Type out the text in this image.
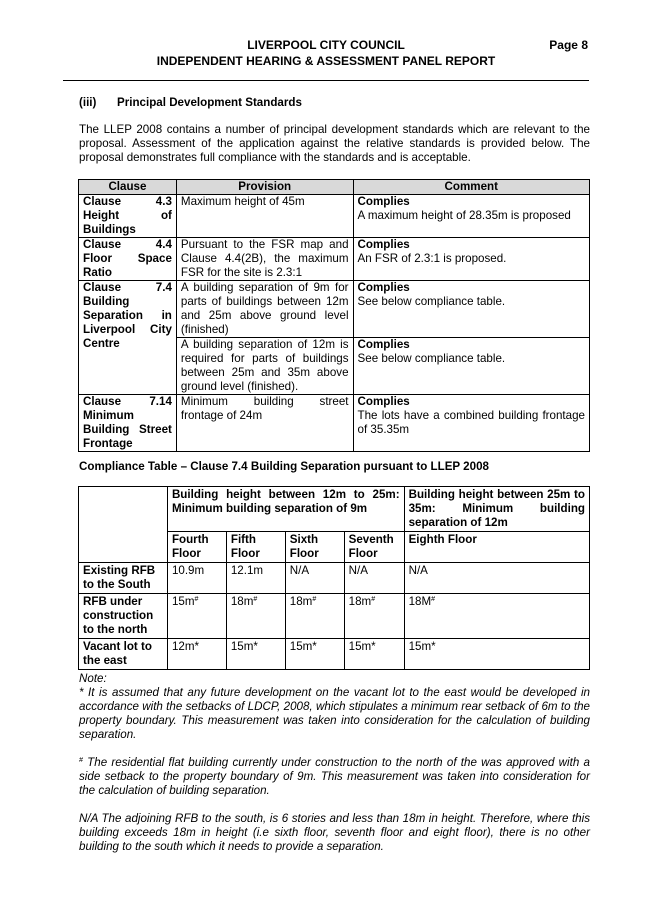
LIVERPOOL CITY COUNCIL
INDEPENDENT HEARING & ASSESSMENT PANEL REPORT
Page 8
(iii) Principal Development Standards
The LLEP 2008 contains a number of principal development standards which are relevant to the proposal. Assessment of the application against the relative standards is provided below. The proposal demonstrates full compliance with the standards and is acceptable.
Clause	Provision	Comment
Clause 4.3 Height of Buildings	Maximum height of 45m	Complies
A maximum height of 28.35m is proposed

Clause 4.4 Floor Space Ratio	Pursuant to the FSR map and Clause 4.4(2B), the maximum FSR for the site is 2.3:1	Complies
An FSR of 2.3:1 is proposed.

Clause 7.4 Building Separation in Liverpool City Centre	A building separation of 9m for parts of buildings between 12m and 25m above ground level (finished)	Complies
See below compliance table.

	A building separation of 12m is required for parts of buildings between 25m and 35m above ground level (finished).	Complies
See below compliance table.

Clause 7.14 Minimum Building Street Frontage	Minimum building street frontage of 24m	Complies
The lots have a combined building frontage of 35.35m
Compliance Table – Clause 7.4 Building Separation pursuant to LLEP 2008
	Building height between 12m to 25m: Minimum building separation of 9m				Building height between 25m to 35m: Minimum building separation of 12m
	Fourth Floor	Fifth Floor	Sixth Floor	Seventh Floor	Eighth Floor
Existing RFB to the South	10.9m	12.1m	N/A	N/A	N/A
RFB under construction to the north	15m#	18m#	18m#	18m#	18M#
Vacant lot to the east	12m*	15m*	15m*	15m*	15m*

Note:

* It is assumed that any future development on the vacant lot to the east would be developed in accordance with the setbacks of LDCP, 2008, which stipulates a minimum rear setback of 6m to the property boundary. This measurement was taken into consideration for the calculation of building separation.

# The residential flat building currently under construction to the north of the was approved with a side setback to the property boundary of 9m. This measurement was taken into consideration for the calculation of building separation.

N/A The adjoining RFB to the south, is 6 stories and less than 18m in height. Therefore, where this building exceeds 18m in height (i.e sixth floor, seventh floor and eight floor), there is no other building to the south which it needs to provide a separation.
